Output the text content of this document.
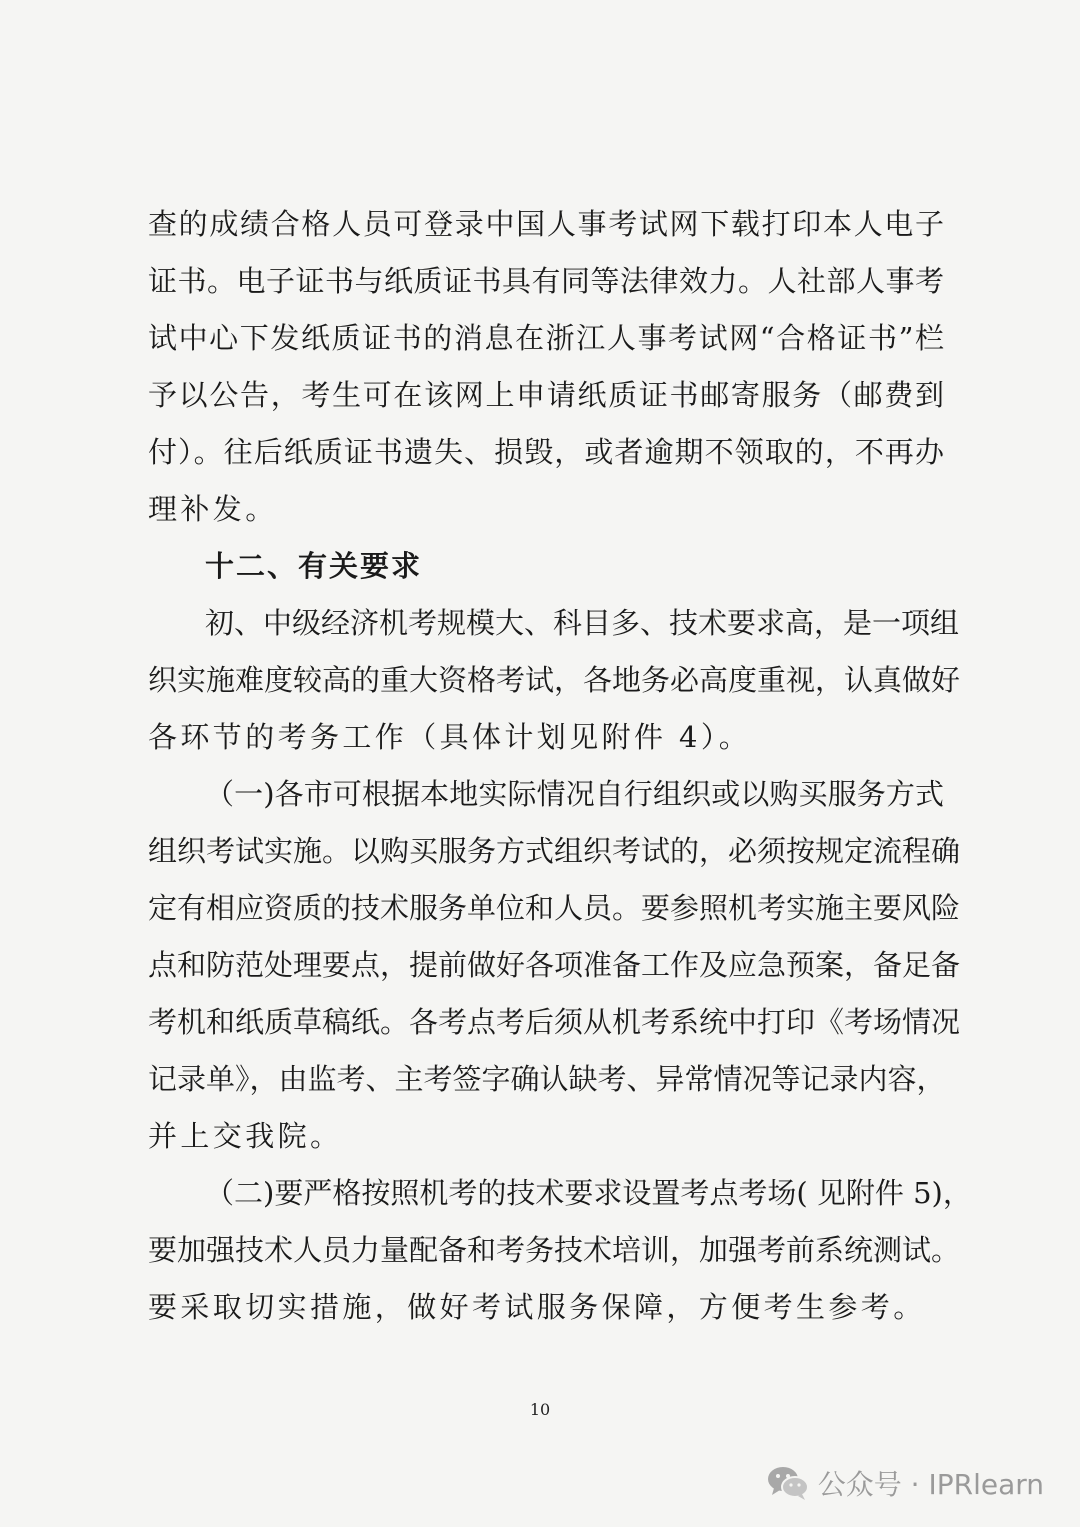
查的成绩合格人员可登录中国人事考试网下载打印本人电子
证书。电子证书与纸质证书具有同等法律效力。人社部人事考
试中心下发纸质证书的消息在浙江人事考试网“合格证书”栏
予以公告，考生可在该网上申请纸质证书邮寄服务（邮费到
付）。往后纸质证书遗失、损毁，或者逾期不领取的，不再办
理补发。
十二、有关要求
初、中级经济机考规模大、科目多、技术要求高，是一项组
织实施难度较高的重大资格考试，各地务必高度重视，认真做好
各环节的考务工作（具体计划见附件 4）。
（一)各市可根据本地实际情况自行组织或以购买服务方式
组织考试实施。以购买服务方式组织考试的，必须按规定流程确
定有相应资质的技术服务单位和人员。要参照机考实施主要风险
点和防范处理要点，提前做好各项准备工作及应急预案，备足备
考机和纸质草稿纸。各考点考后须从机考系统中打印《考场情况
记录单》，由监考、主考签字确认缺考、异常情况等记录内容，
并上交我院。
（二)要严格按照机考的技术要求设置考点考场( 见附件 5)，
要加强技术人员力量配备和考务技术培训，加强考前系统测试。
要采取切实措施，做好考试服务保障，方便考生参考。
10
公众号 · IPRlearn
